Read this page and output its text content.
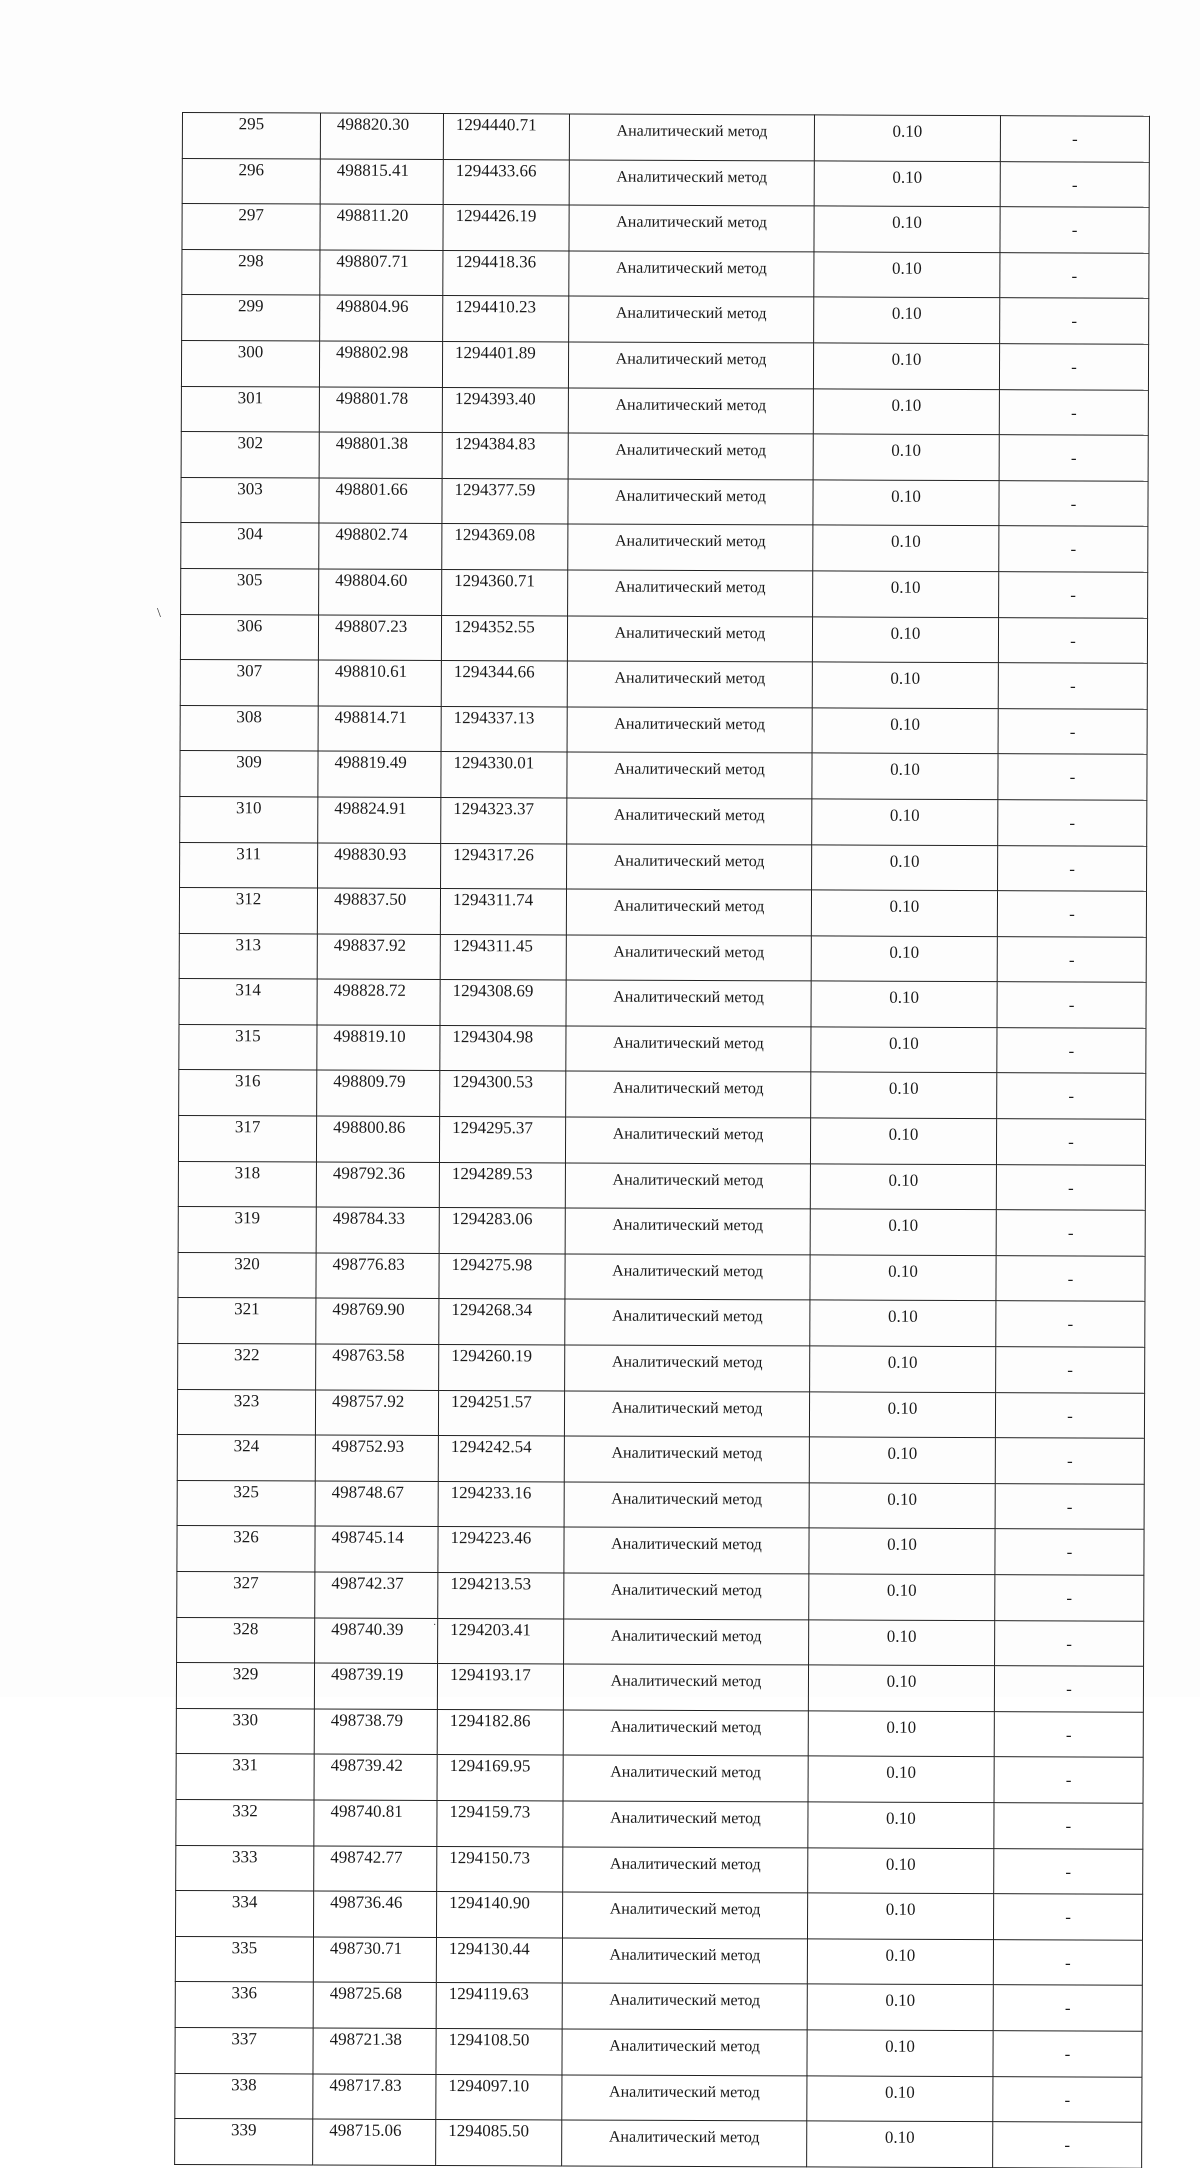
295	498820.30	1294440.71	Аналитический метод	0.10	-
296	498815.41	1294433.66	Аналитический метод	0.10	-
297	498811.20	1294426.19	Аналитический метод	0.10	-
298	498807.71	1294418.36	Аналитический метод	0.10	-
299	498804.96	1294410.23	Аналитический метод	0.10	-
300	498802.98	1294401.89	Аналитический метод	0.10	-
301	498801.78	1294393.40	Аналитический метод	0.10	-
302	498801.38	1294384.83	Аналитический метод	0.10	-
303	498801.66	1294377.59	Аналитический метод	0.10	-
304	498802.74	1294369.08	Аналитический метод	0.10	-
305	498804.60	1294360.71	Аналитический метод	0.10	-
306	498807.23	1294352.55	Аналитический метод	0.10	-
307	498810.61	1294344.66	Аналитический метод	0.10	-
308	498814.71	1294337.13	Аналитический метод	0.10	-
309	498819.49	1294330.01	Аналитический метод	0.10	-
310	498824.91	1294323.37	Аналитический метод	0.10	-
311	498830.93	1294317.26	Аналитический метод	0.10	-
312	498837.50	1294311.74	Аналитический метод	0.10	-
313	498837.92	1294311.45	Аналитический метод	0.10	-
314	498828.72	1294308.69	Аналитический метод	0.10	-
315	498819.10	1294304.98	Аналитический метод	0.10	-
316	498809.79	1294300.53	Аналитический метод	0.10	-
317	498800.86	1294295.37	Аналитический метод	0.10	-
318	498792.36	1294289.53	Аналитический метод	0.10	-
319	498784.33	1294283.06	Аналитический метод	0.10	-
320	498776.83	1294275.98	Аналитический метод	0.10	-
321	498769.90	1294268.34	Аналитический метод	0.10	-
322	498763.58	1294260.19	Аналитический метод	0.10	-
323	498757.92	1294251.57	Аналитический метод	0.10	-
324	498752.93	1294242.54	Аналитический метод	0.10	-
325	498748.67	1294233.16	Аналитический метод	0.10	-
326	498745.14	1294223.46	Аналитический метод	0.10	-
327	498742.37	1294213.53	Аналитический метод	0.10	-
328	498740.39	1294203.41	Аналитический метод	0.10	-
329	498739.19	1294193.17	Аналитический метод	0.10	-
330	498738.79	1294182.86	Аналитический метод	0.10	-
331	498739.42	1294169.95	Аналитический метод	0.10	-
332	498740.81	1294159.73	Аналитический метод	0.10	-
333	498742.77	1294150.73	Аналитический метод	0.10	-
334	498736.46	1294140.90	Аналитический метод	0.10	-
335	498730.71	1294130.44	Аналитический метод	0.10	-
336	498725.68	1294119.63	Аналитический метод	0.10	-
337	498721.38	1294108.50	Аналитический метод	0.10	-
338	498717.83	1294097.10	Аналитический метод	0.10	-
339	498715.06	1294085.50	Аналитический метод	0.10	-
\
·
